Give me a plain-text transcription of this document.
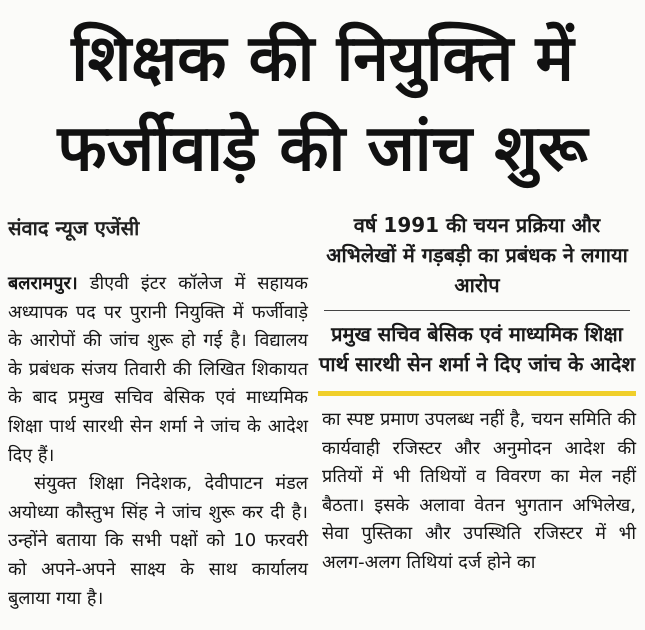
शिक्षक की नियुक्ति में
फर्जीवाड़े की जांच शुरू
संवाद न्यूज एजेंसी

बलरामपुर। डीएवी इंटर कॉलेज में सहायक अध्यापक पद पर पुरानी नियुक्ति में फर्जीवाड़े के आरोपों की जांच शुरू हो गई है। विद्यालय के प्रबंधक संजय तिवारी की लिखित शिकायत के बाद प्रमुख सचिव बेसिक एवं माध्यमिक शिक्षा पार्थ सारथी सेन शर्मा ने जांच के आदेश दिए हैं।

संयुक्त शिक्षा निदेशक, देवीपाटन मंडल अयोध्या कौस्तुभ सिंह ने जांच शुरू कर दी है। उन्होंने बताया कि सभी पक्षों को 10 फरवरी को अपने-अपने साक्ष्य के साथ कार्यालय बुलाया गया है।

वर्ष 1991 की चयन प्रक्रिया और अभिलेखों में गड़बड़ी का प्रबंधक ने लगाया आरोप

प्रमुख सचिव बेसिक एवं माध्यमिक शिक्षा पार्थ सारथी सेन शर्मा ने दिए जांच के आदेश

का स्पष्ट प्रमाण उपलब्ध नहीं है, चयन समिति की कार्यवाही रजिस्टर और अनुमोदन आदेश की प्रतियों में भी तिथियों व विवरण का मेल नहीं बैठता। इसके अलावा वेतन भुगतान अभिलेख, सेवा पुस्तिका और उपस्थिति रजिस्टर में भी अलग-अलग तिथियां दर्ज होने का
